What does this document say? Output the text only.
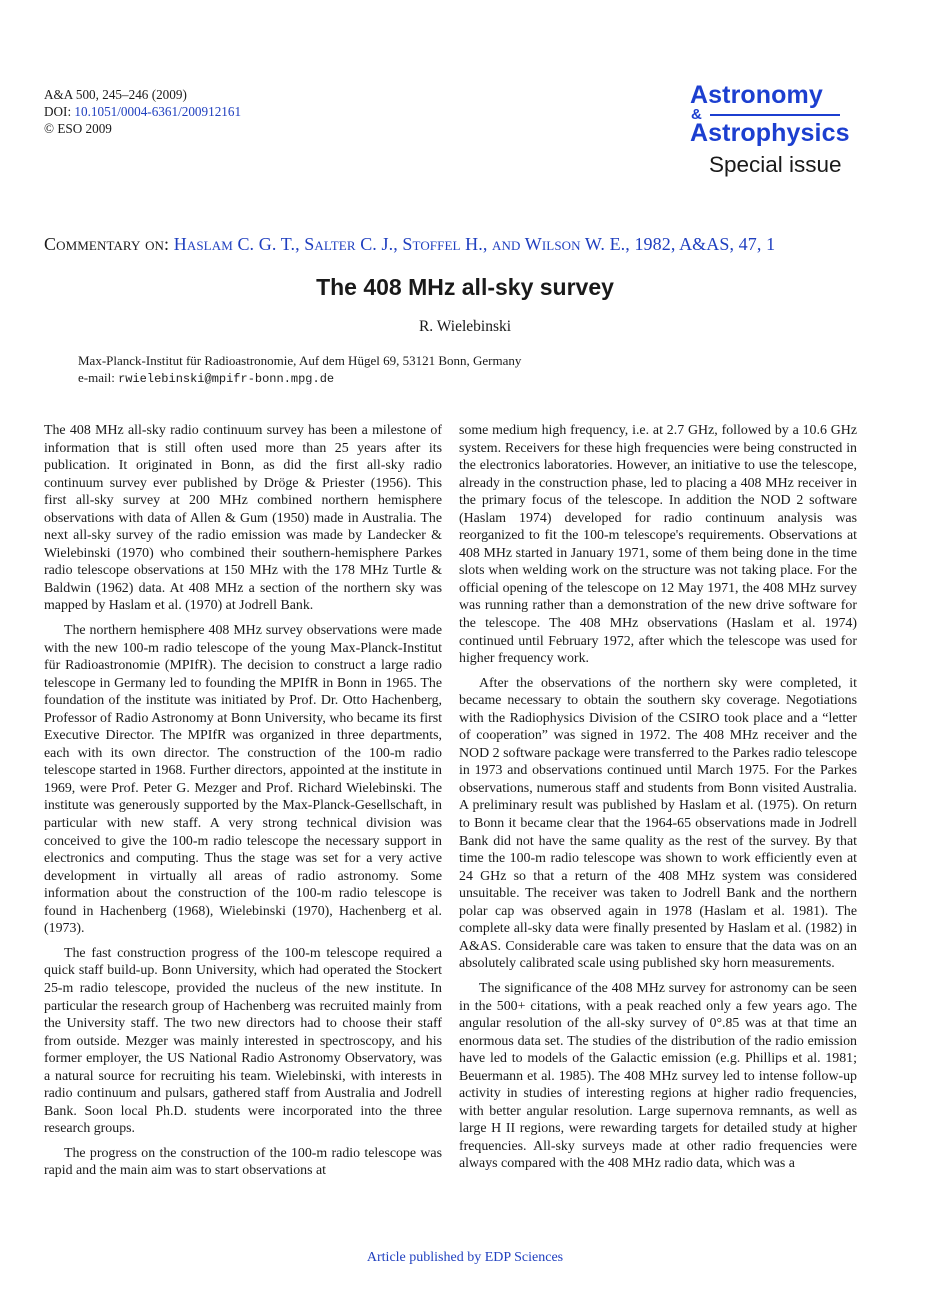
A&A 500, 245–246 (2009)
DOI: 10.1051/0004-6361/200912161
© ESO 2009
Astronomy
&
Astrophysics
Special issue
Commentary on: Haslam C. G. T., Salter C. J., Stoffel H., and Wilson W. E., 1982, A&AS, 47, 1
The 408 MHz all-sky survey
R. Wielebinski
Max-Planck-Institut für Radioastronomie, Auf dem Hügel 69, 53121 Bonn, Germany
e-mail: rwielebinski@mpifr-bonn.mpg.de

The 408 MHz all-sky radio continuum survey has been a milestone of information that is still often used more than 25 years after its publication. It originated in Bonn, as did the first all-sky radio continuum survey ever published by Dröge & Priester (1956). This first all-sky survey at 200 MHz combined northern hemisphere observations with data of Allen & Gum (1950) made in Australia. The next all-sky survey of the radio emission was made by Landecker & Wielebinski (1970) who combined their southern-hemisphere Parkes radio telescope observations at 150 MHz with the 178 MHz Turtle & Baldwin (1962) data. At 408 MHz a section of the northern sky was mapped by Haslam et al. (1970) at Jodrell Bank.

The northern hemisphere 408 MHz survey observations were made with the new 100-m radio telescope of the young Max-Planck-Institut für Radioastronomie (MPIfR). The decision to construct a large radio telescope in Germany led to founding the MPIfR in Bonn in 1965. The foundation of the institute was initiated by Prof. Dr. Otto Hachenberg, Professor of Radio Astronomy at Bonn University, who became its first Executive Director. The MPIfR was organized in three departments, each with its own director. The construction of the 100-m radio telescope started in 1968. Further directors, appointed at the institute in 1969, were Prof. Peter G. Mezger and Prof. Richard Wielebinski. The institute was generously supported by the Max-Planck-Gesellschaft, in particular with new staff. A very strong technical division was conceived to give the 100-m radio telescope the necessary support in electronics and computing. Thus the stage was set for a very active development in virtually all areas of radio astronomy. Some information about the construction of the 100-m radio telescope is found in Hachenberg (1968), Wielebinski (1970), Hachenberg et al. (1973).

The fast construction progress of the 100-m telescope required a quick staff build-up. Bonn University, which had operated the Stockert 25-m radio telescope, provided the nucleus of the new institute. In particular the research group of Hachenberg was recruited mainly from the University staff. The two new directors had to choose their staff from outside. Mezger was mainly interested in spectroscopy, and his former employer, the US National Radio Astronomy Observatory, was a natural source for recruiting his team. Wielebinski, with interests in radio continuum and pulsars, gathered staff from Australia and Jodrell Bank. Soon local Ph.D. students were incorporated into the three research groups.

The progress on the construction of the 100-m radio telescope was rapid and the main aim was to start observations at

some medium high frequency, i.e. at 2.7 GHz, followed by a 10.6 GHz system. Receivers for these high frequencies were being constructed in the electronics laboratories. However, an initiative to use the telescope, already in the construction phase, led to placing a 408 MHz receiver in the primary focus of the telescope. In addition the NOD 2 software (Haslam 1974) developed for radio continuum analysis was reorganized to fit the 100-m telescope's requirements. Observations at 408 MHz started in January 1971, some of them being done in the time slots when welding work on the structure was not taking place. For the official opening of the telescope on 12 May 1971, the 408 MHz survey was running rather than a demonstration of the new drive software for the telescope. The 408 MHz observations (Haslam et al. 1974) continued until February 1972, after which the telescope was used for higher frequency work.

After the observations of the northern sky were completed, it became necessary to obtain the southern sky coverage. Negotiations with the Radiophysics Division of the CSIRO took place and a “letter of cooperation” was signed in 1972. The 408 MHz receiver and the NOD 2 software package were transferred to the Parkes radio telescope in 1973 and observations continued until March 1975. For the Parkes observations, numerous staff and students from Bonn visited Australia. A preliminary result was published by Haslam et al. (1975). On return to Bonn it became clear that the 1964-65 observations made in Jodrell Bank did not have the same quality as the rest of the survey. By that time the 100-m radio telescope was shown to work efficiently even at 24 GHz so that a return of the 408 MHz system was considered unsuitable. The receiver was taken to Jodrell Bank and the northern polar cap was observed again in 1978 (Haslam et al. 1981). The complete all-sky data were finally presented by Haslam et al. (1982) in A&AS. Considerable care was taken to ensure that the data was on an absolutely calibrated scale using published sky horn measurements.

The significance of the 408 MHz survey for astronomy can be seen in the 500+ citations, with a peak reached only a few years ago. The angular resolution of the all-sky survey of 0°.85 was at that time an enormous data set. The studies of the distribution of the radio emission have led to models of the Galactic emission (e.g. Phillips et al. 1981; Beuermann et al. 1985). The 408 MHz survey led to intense follow-up activity in studies of interesting regions at higher radio frequencies, with better angular resolution. Large supernova remnants, as well as large H II regions, were rewarding targets for detailed study at higher frequencies. All-sky surveys made at other radio frequencies were always compared with the 408 MHz radio data, which was a

Article published by EDP Sciences
